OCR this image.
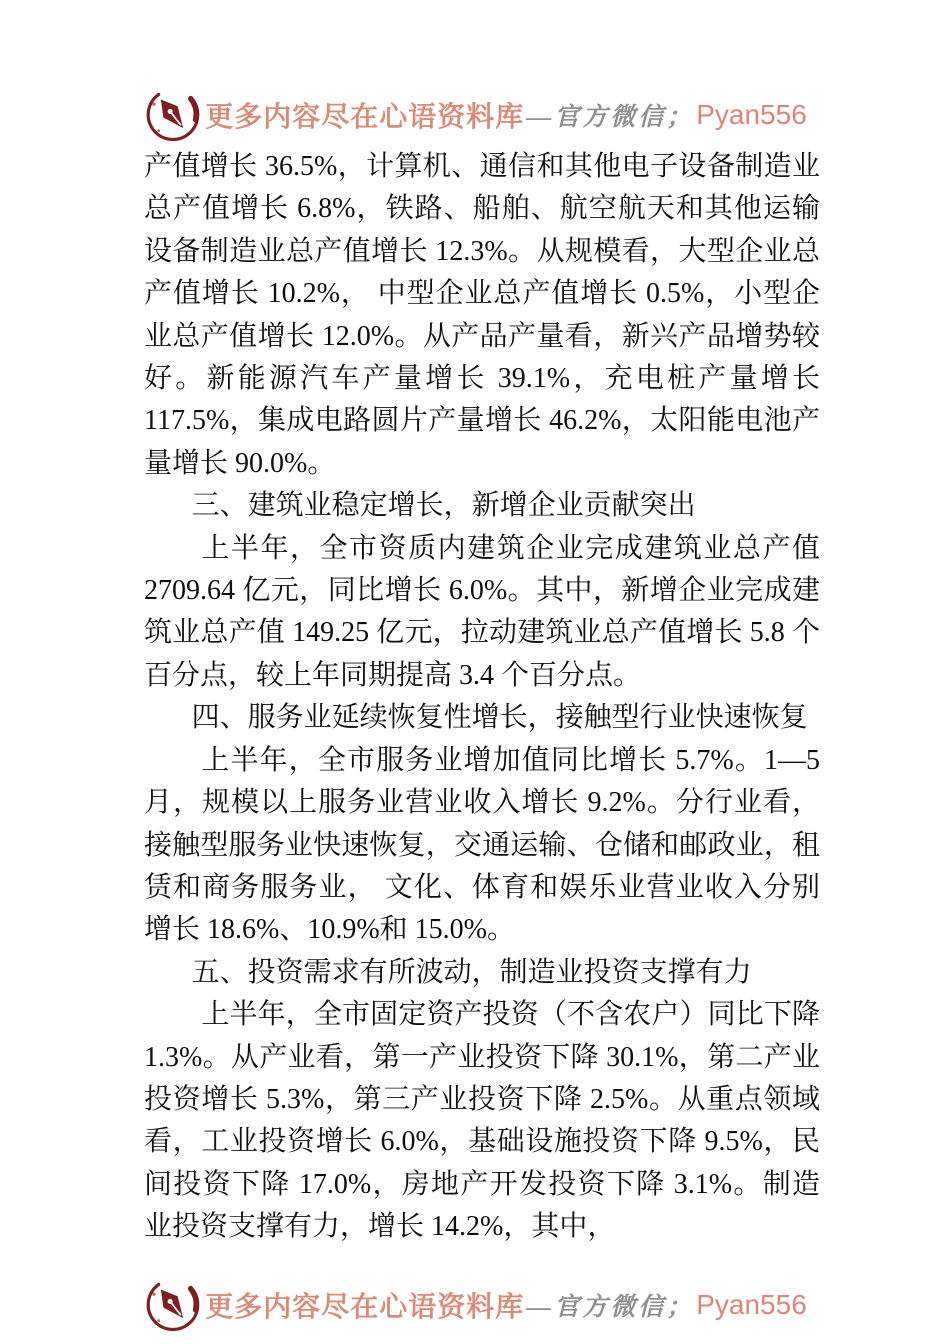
更多内容尽在心语资料库 —官方微信； Pyan556

产值增长 36.5%，计算机、通信和其他电子设备制造业总产值增长 6.8%，铁路、船舶、航空航天和其他运输设备制造业总产值增长 12.3%。从规模看，大型企业总产值增长 10.2%， 中型企业总产值增长 0.5%，小型企业总产值增长 12.0%。从产品产量看，新兴产品增势较好。新能源汽车产量增长 39.1%，充电桩产量增长 117.5%，集成电路圆片产量增长 46.2%，太阳能电池产量增长 90.0%。

三、建筑业稳定增长，新增企业贡献突出

上半年，全市资质内建筑企业完成建筑业总产值 2709.64 亿元，同比增长 6.0%。其中，新增企业完成建筑业总产值 149.25 亿元，拉动建筑业总产值增长 5.8 个百分点，较上年同期提高 3.4 个百分点。

四、服务业延续恢复性增长，接触型行业快速恢复

上半年，全市服务业增加值同比增长 5.7%。1—5 月，规模以上服务业营业收入增长 9.2%。分行业看，接触型服务业快速恢复，交通运输、仓储和邮政业，租赁和商务服务业， 文化、体育和娱乐业营业收入分别增长 18.6%、10.9%和 15.0%。

五、投资需求有所波动，制造业投资支撑有力

上半年，全市固定资产投资（不含农户）同比下降 1.3%。从产业看，第一产业投资下降 30.1%，第二产业投资增长 5.3%，第三产业投资下降 2.5%。从重点领域看，工业投资增长 6.0%，基础设施投资下降 9.5%，民间投资下降 17.0%，房地产开发投资下降 3.1%。制造业投资支撑有力，增长 14.2%，其中，

更多内容尽在心语资料库 —官方微信； Pyan556
